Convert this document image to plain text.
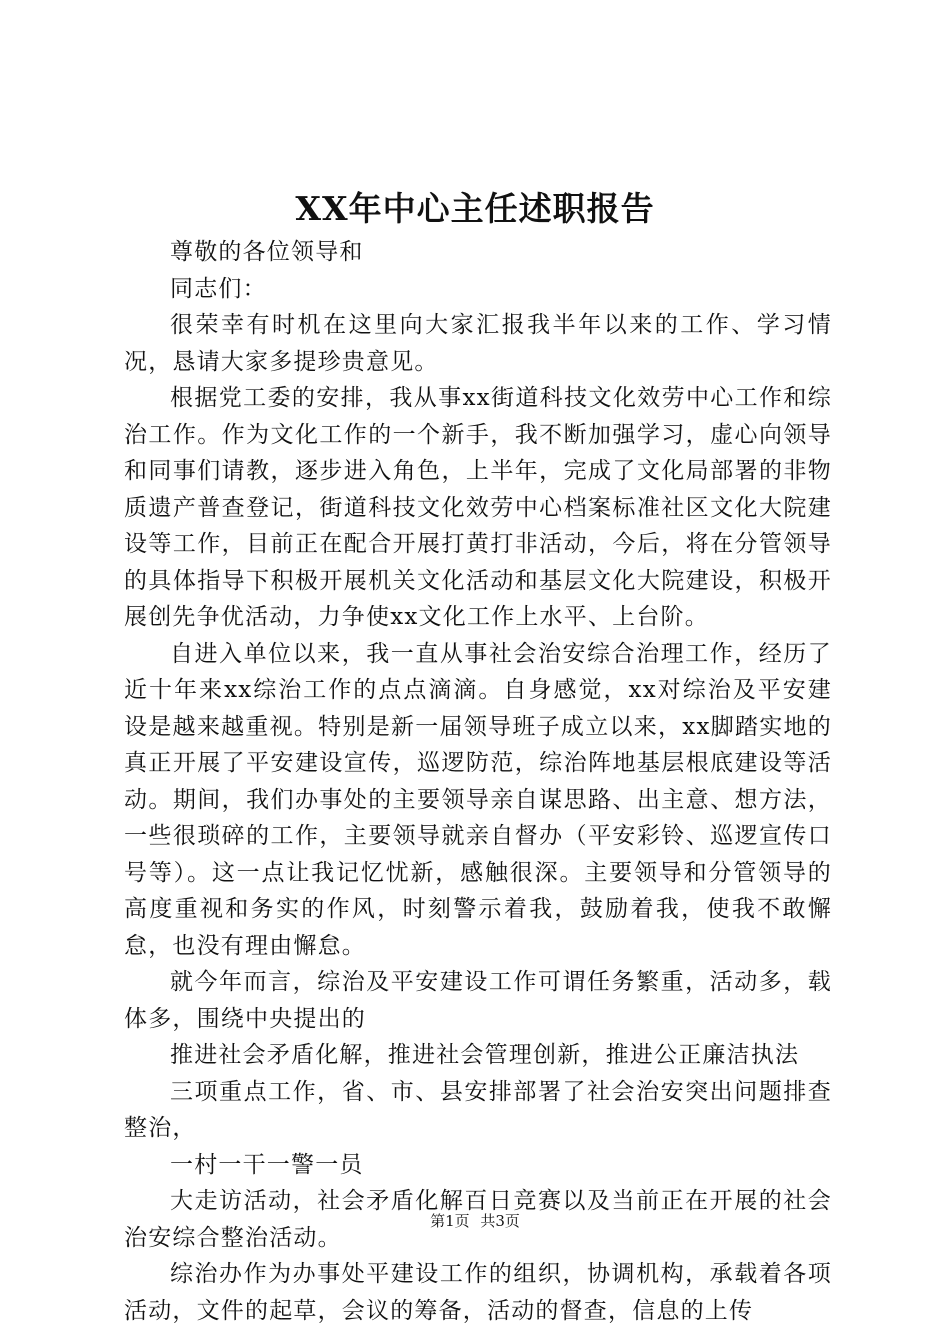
XX年中心主任述职报告

尊敬的各位领导和

同志们：

很荣幸有时机在这里向大家汇报我半年以来的工作、学习情况，恳请大家多提珍贵意见。

根据党工委的安排，我从事xx街道科技文化效劳中心工作和综治工作。作为文化工作的一个新手，我不断加强学习，虚心向领导和同事们请教，逐步进入角色，上半年，完成了文化局部署的非物质遗产普查登记，街道科技文化效劳中心档案标准社区文化大院建设等工作，目前正在配合开展打黄打非活动，今后，将在分管领导的具体指导下积极开展机关文化活动和基层文化大院建设，积极开展创先争优活动，力争使xx文化工作上水平、上台阶。

自进入单位以来，我一直从事社会治安综合治理工作，经历了近十年来xx综治工作的点点滴滴。自身感觉，xx对综治及平安建设是越来越重视。特别是新一届领导班子成立以来，xx脚踏实地的真正开展了平安建设宣传，巡逻防范，综治阵地基层根底建设等活动。期间，我们办事处的主要领导亲自谋思路、出主意、想方法，一些很琐碎的工作，主要领导就亲自督办（平安彩铃、巡逻宣传口号等）。这一点让我记忆忧新，感触很深。主要领导和分管领导的高度重视和务实的作风，时刻警示着我，鼓励着我，使我不敢懈怠，也没有理由懈怠。

就今年而言，综治及平安建设工作可谓任务繁重，活动多，载体多，围绕中央提出的

推进社会矛盾化解，推进社会管理创新，推进公正廉洁执法

三项重点工作，省、市、县安排部署了社会治安突出问题排查整治，

一村一干一警一员

大走访活动，社会矛盾化解百日竞赛以及当前正在开展的社会治安综合整治活动。

综治办作为办事处平建设工作的组织，协调机构，承载着各项活动，文件的起草，会议的筹备，活动的督查，信息的上传

第1页 共3页
